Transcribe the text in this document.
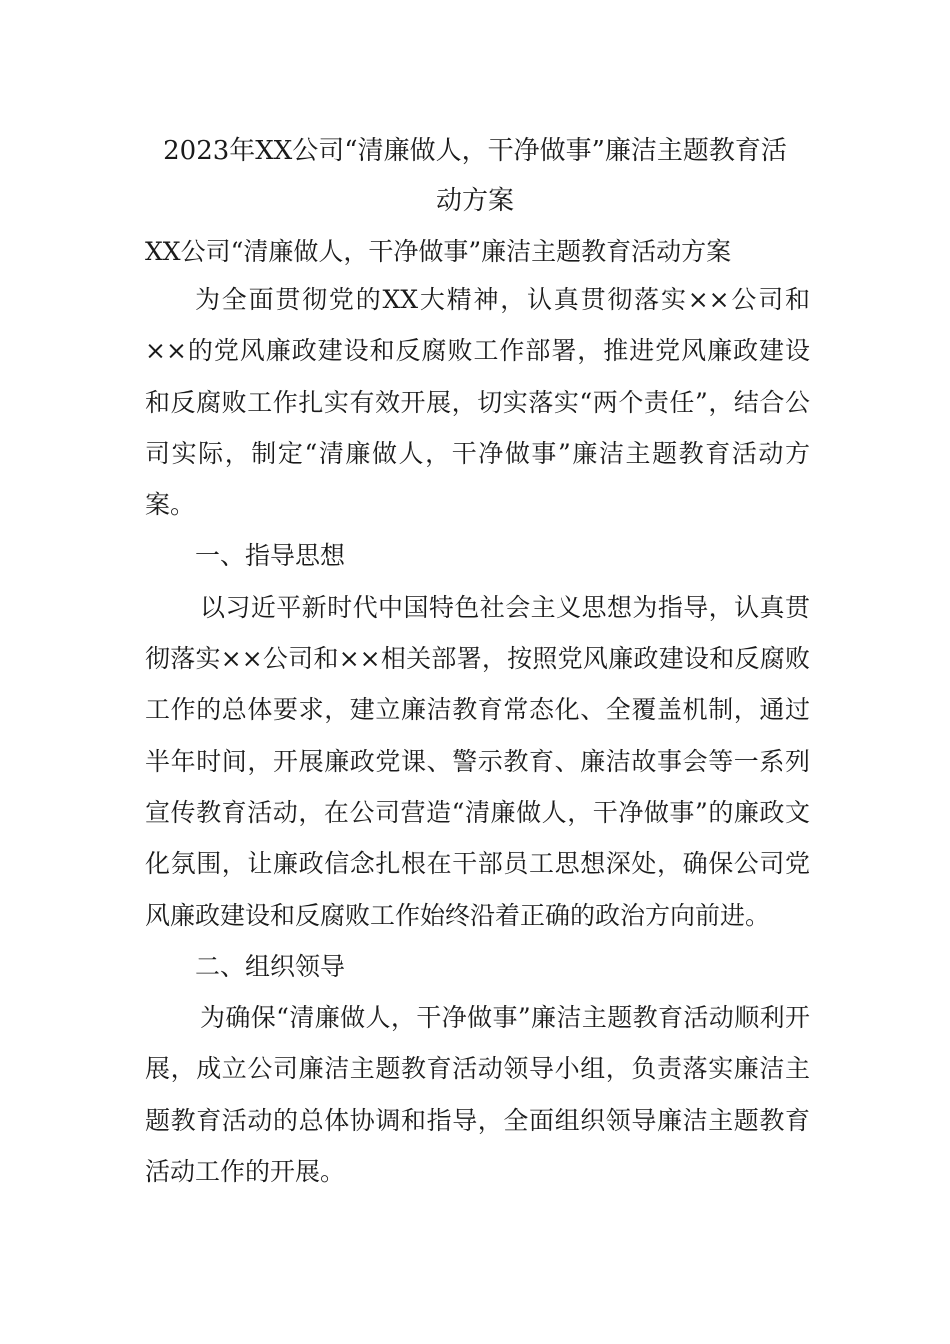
2023年XX公司“清廉做人，干净做事”廉洁主题教育活
动方案
XX公司“清廉做人，干净做事”廉洁主题教育活动方案

为全面贯彻党的XX大精神，认真贯彻落实××公司和××的党风廉政建设和反腐败工作部署，推进党风廉政建设和反腐败工作扎实有效开展，切实落实“两个责任”，结合公司实际，制定“清廉做人，干净做事”廉洁主题教育活动方案。

一、指导思想

以习近平新时代中国特色社会主义思想为指导，认真贯彻落实××公司和××相关部署，按照党风廉政建设和反腐败工作的总体要求，建立廉洁教育常态化、全覆盖机制，通过半年时间，开展廉政党课、警示教育、廉洁故事会等一系列宣传教育活动，在公司营造“清廉做人，干净做事”的廉政文化氛围，让廉政信念扎根在干部员工思想深处，确保公司党风廉政建设和反腐败工作始终沿着正确的政治方向前进。

二、组织领导

为确保“清廉做人，干净做事”廉洁主题教育活动顺利开展，成立公司廉洁主题教育活动领导小组，负责落实廉洁主题教育活动的总体协调和指导，全面组织领导廉洁主题教育活动工作的开展。
